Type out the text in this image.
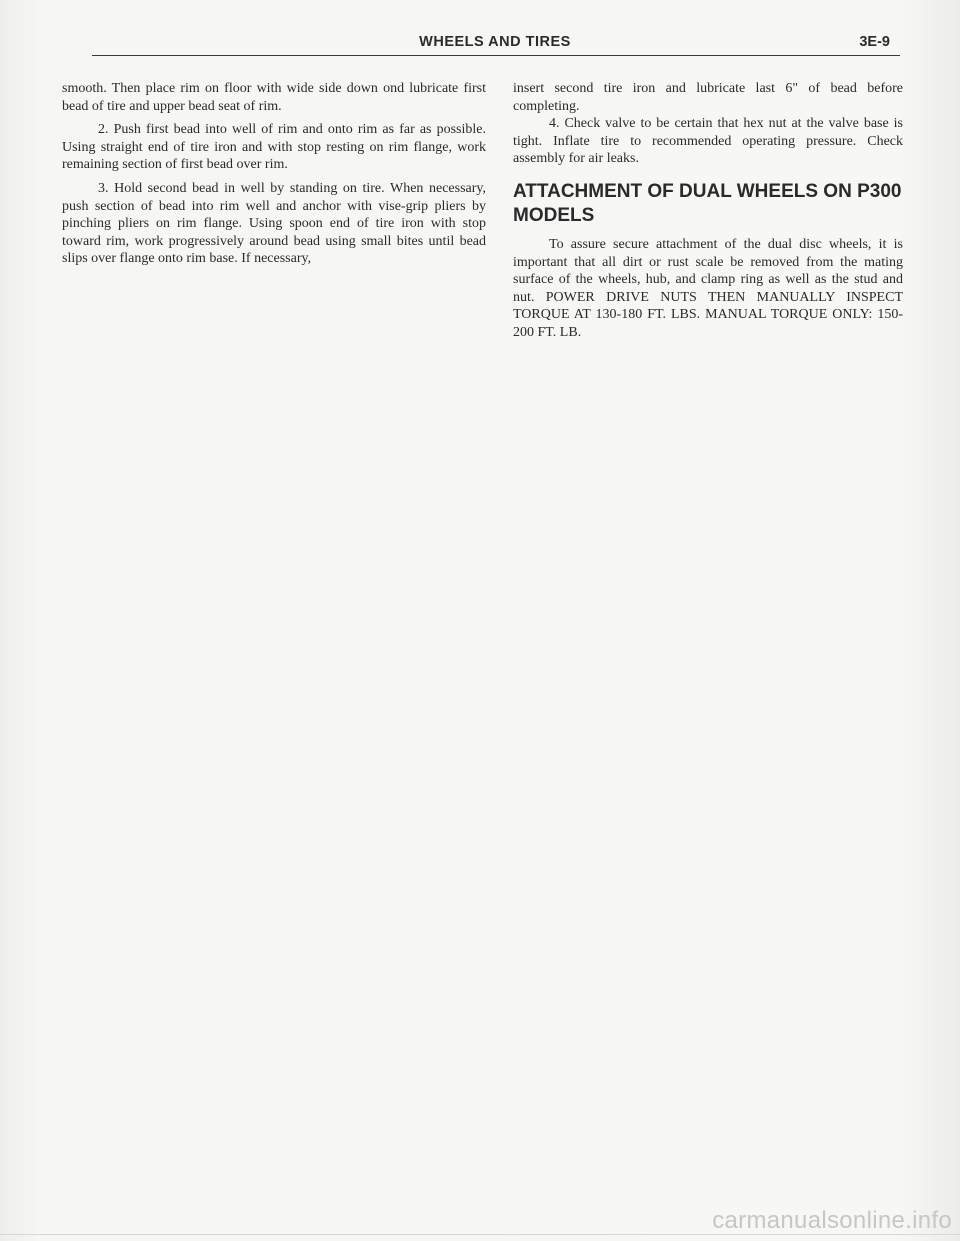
WHEELS AND TIRES	3E-9

smooth. Then place rim on floor with wide side down ond lubricate first bead of tire and upper bead seat of rim.

2. Push first bead into well of rim and onto rim as far as possible. Using straight end of tire iron and with stop resting on rim flange, work remaining section of first bead over rim.

3. Hold second bead in well by standing on tire. When necessary, push section of bead into rim well and anchor with vise-grip pliers by pinching pliers on rim flange. Using spoon end of tire iron with stop toward rim, work progressively around bead using small bites until bead slips over flange onto rim base. If necessary,

insert second tire iron and lubricate last 6" of bead before completing.

4. Check valve to be certain that hex nut at the valve base is tight. Inflate tire to recommended operating pressure. Check assembly for air leaks.

ATTACHMENT OF DUAL WHEELS ON P300 MODELS

To assure secure attachment of the dual disc wheels, it is important that all dirt or rust scale be removed from the mating surface of the wheels, hub, and clamp ring as well as the stud and nut. POWER DRIVE NUTS THEN MANUALLY INSPECT TORQUE AT 130-180 FT. LBS. MANUAL TORQUE ONLY: 150-200 FT. LB.

carmanualsonline.info
